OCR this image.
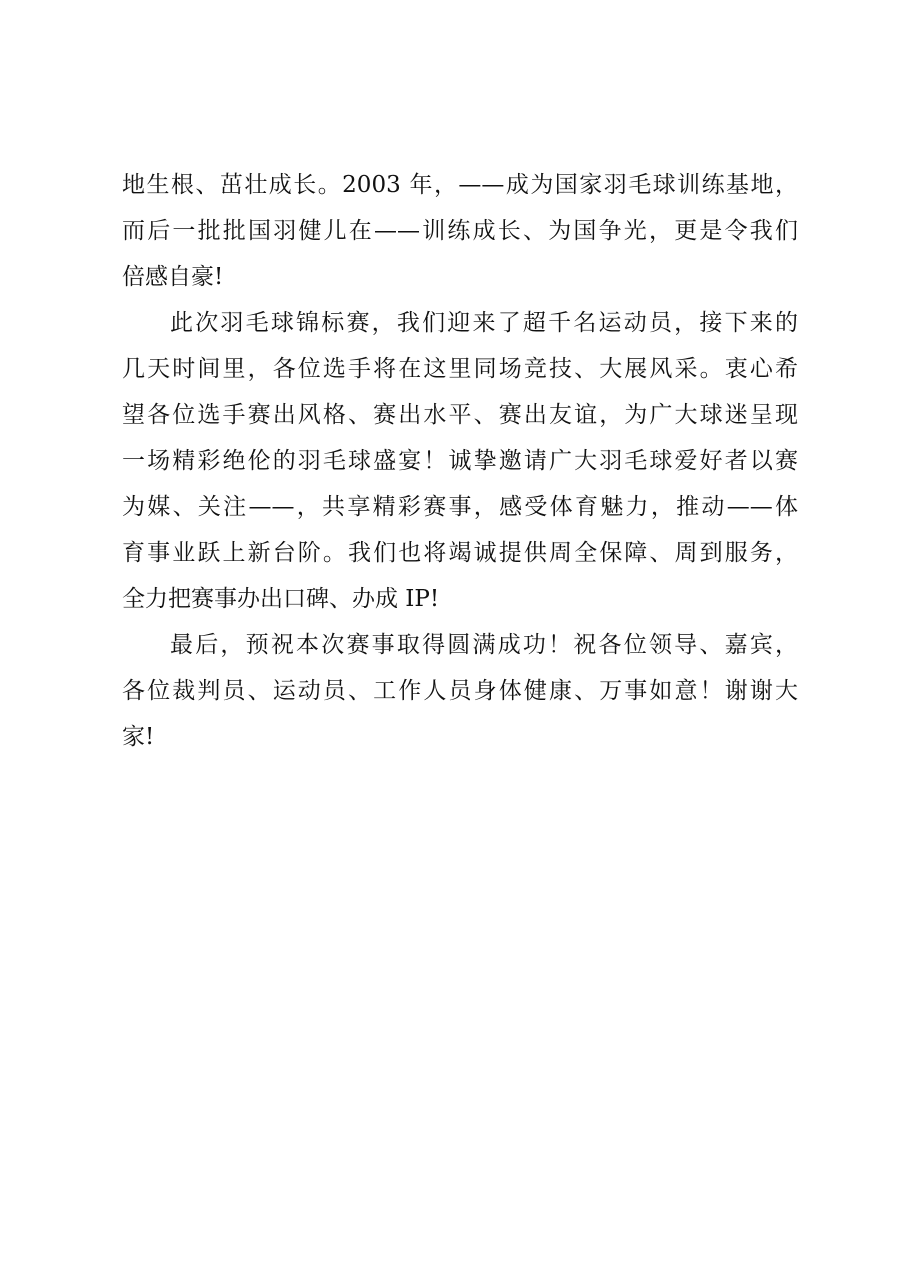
地生根、茁壮成长。2003 年，——成为国家羽毛球训练基地，
而后一批批国羽健儿在——训练成长、为国争光，更是令我们
倍感自豪!
此次羽毛球锦标赛，我们迎来了超千名运动员，接下来的
几天时间里，各位选手将在这里同场竞技、大展风采。衷心希
望各位选手赛出风格、赛出水平、赛出友谊，为广大球迷呈现
一场精彩绝伦的羽毛球盛宴！诚挚邀请广大羽毛球爱好者以赛
为媒、关注——，共享精彩赛事，感受体育魅力，推动——体
育事业跃上新台阶。我们也将竭诚提供周全保障、周到服务，
全力把赛事办出口碑、办成 IP!
最后，预祝本次赛事取得圆满成功！祝各位领导、嘉宾，
各位裁判员、运动员、工作人员身体健康、万事如意！谢谢大
家!
